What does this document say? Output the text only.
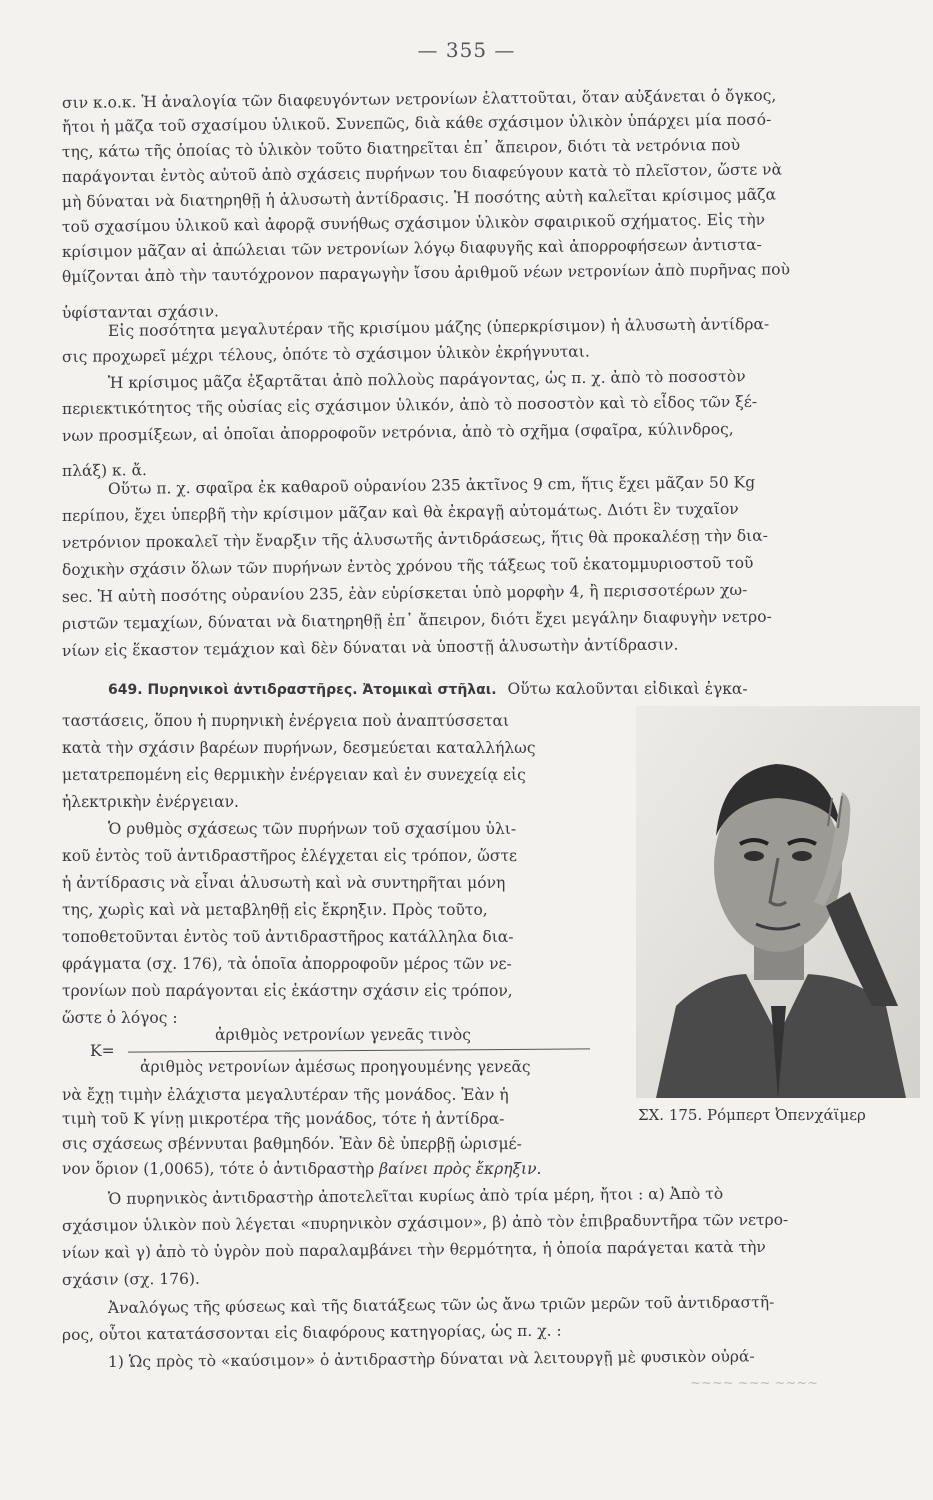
— 355 —
σιν κ.ο.κ. Ἡ ἀναλογία τῶν διαφευγόντων νετρονίων ἐλαττοῦται, ὅταν αὐξάνεται ὁ ὄγκος,
ἤτοι ἡ μᾶζα τοῦ σχασίμου ὑλικοῦ. Συνεπῶς, διὰ κάθε σχάσιμον ὑλικὸν ὑπάρχει μία ποσό-
της, κάτω τῆς ὁποίας τὸ ὑλικὸν τοῦτο διατηρεῖται ἐπ᾿ ἄπειρον, διότι τὰ νετρόνια ποὺ
παράγονται ἐντὸς αὐτοῦ ἀπὸ σχάσεις πυρήνων του διαφεύγουν κατὰ τὸ πλεῖστον, ὥστε νὰ
μὴ δύναται νὰ διατηρηθῇ ἡ ἁλυσωτὴ ἀντίδρασις. Ἡ ποσότης αὐτὴ καλεῖται κρίσιμος μᾶζα
τοῦ σχασίμου ὑλικοῦ καὶ ἀφορᾷ συνήθως σχάσιμον ὑλικὸν σφαιρικοῦ σχήματος. Εἰς τὴν
κρίσιμον μᾶζαν αἱ ἀπώλειαι τῶν νετρονίων λόγῳ διαφυγῆς καὶ ἀπορροφήσεων ἀντιστα-
θμίζονται ἀπὸ τὴν ταυτόχρονον παραγωγὴν ἴσου ἀριθμοῦ νέων νετρονίων ἀπὸ πυρῆνας ποὺ
ὑφίστανται σχάσιν.
Εἰς ποσότητα μεγαλυτέραν τῆς κρισίμου μάζης (ὑπερκρίσιμον) ἡ ἁλυσωτὴ ἀντίδρα-
σις προχωρεῖ μέχρι τέλους, ὁπότε τὸ σχάσιμον ὑλικὸν ἐκρήγνυται.
Ἡ κρίσιμος μᾶζα ἐξαρτᾶται ἀπὸ πολλοὺς παράγοντας, ὡς π. χ. ἀπὸ τὸ ποσοστὸν
περιεκτικότητος τῆς οὐσίας εἰς σχάσιμον ὑλικόν, ἀπὸ τὸ ποσοστὸν καὶ τὸ εἶδος τῶν ξέ-
νων προσμίξεων, αἱ ὁποῖαι ἀπορροφοῦν νετρόνια, ἀπὸ τὸ σχῆμα (σφαῖρα, κύλινδρος,
πλάξ) κ. ἄ.
Οὕτω π. χ. σφαῖρα ἐκ καθαροῦ οὐρανίου 235 ἀκτῖνος 9 cm, ἥτις ἔχει μᾶζαν 50 Kg
περίπου, ἔχει ὑπερβῆ τὴν κρίσιμον μᾶζαν καὶ θὰ ἐκραγῇ αὐτομάτως. Διότι ἓν τυχαῖον
νετρόνιον προκαλεῖ τὴν ἔναρξιν τῆς ἁλυσωτῆς ἀντιδράσεως, ἥτις θὰ προκαλέσῃ τὴν δια-
δοχικὴν σχάσιν ὅλων τῶν πυρήνων ἐντὸς χρόνου τῆς τάξεως τοῦ ἑκατομμυριοστοῦ τοῦ
sec. Ἡ αὐτὴ ποσότης οὐρανίου 235, ἐὰν εὑρίσκεται ὑπὸ μορφὴν 4, ἢ περισσοτέρων χω-
ριστῶν τεμαχίων, δύναται νὰ διατηρηθῇ ἐπ᾿ ἄπειρον, διότι ἔχει μεγάλην διαφυγὴν νετρο-
νίων εἰς ἕκαστον τεμάχιον καὶ δὲν δύναται νὰ ὑποστῇ ἁλυσωτὴν ἀντίδρασιν.
649. Πυρηνικοὶ ἀντιδραστῆρες. Ἀτομικαὶ στῆλαι. Οὕτω καλοῦνται εἰδικαὶ ἐγκα-
ταστάσεις, ὅπου ἡ πυρηνικὴ ἐνέργεια ποὺ ἀναπτύσσεται
κατὰ τὴν σχάσιν βαρέων πυρήνων, δεσμεύεται καταλλήλως
μετατρεπομένη εἰς θερμικὴν ἐνέργειαν καὶ ἐν συνεχείᾳ εἰς
ἠλεκτρικὴν ἐνέργειαν.
Ὁ ρυθμὸς σχάσεως τῶν πυρήνων τοῦ σχασίμου ὑλι-
κοῦ ἐντὸς τοῦ ἀντιδραστῆρος ἐλέγχεται εἰς τρόπον, ὥστε
ἡ ἀντίδρασις νὰ εἶναι ἁλυσωτὴ καὶ νὰ συντηρῆται μόνη
της, χωρὶς καὶ νὰ μεταβληθῇ εἰς ἔκρηξιν. Πρὸς τοῦτο,
τοποθετοῦνται ἐντὸς τοῦ ἀντιδραστῆρος κατάλληλα δια-
φράγματα (σχ. 176), τὰ ὁποῖα ἀπορροφοῦν μέρος τῶν νε-
τρονίων ποὺ παράγονται εἰς ἑκάστην σχάσιν εἰς τρόπον,
ὥστε ὁ λόγος :
ἀριθμὸς νετρονίων γενεᾶς τινὸς
K=
ἀριθμὸς νετρονίων ἀμέσως προηγουμένης γενεᾶς
νὰ ἔχῃ τιμὴν ἐλάχιστα μεγαλυτέραν τῆς μονάδος. Ἐὰν ἡ
τιμὴ τοῦ K γίνῃ μικροτέρα τῆς μονάδος, τότε ἡ ἀντίδρα-
σις σχάσεως σβέννυται βαθμηδόν. Ἐὰν δὲ ὑπερβῇ ὡρισμέ-
νον ὅριον (1,0065), τότε ὁ ἀντιδραστὴρ βαίνει πρὸς ἔκρηξιν.
ΣΧ. 175. Ρόμπερτ Ὀπενχάϊμερ
Ὁ πυρηνικὸς ἀντιδραστὴρ ἀποτελεῖται κυρίως ἀπὸ τρία μέρη, ἤτοι : α) Ἀπὸ τὸ
σχάσιμον ὑλικὸν ποὺ λέγεται «πυρηνικὸν σχάσιμον», β) ἀπὸ τὸν ἐπιβραδυντῆρα τῶν νετρο-
νίων καὶ γ) ἀπὸ τὸ ὑγρὸν ποὺ παραλαμβάνει τὴν θερμότητα, ἡ ὁποία παράγεται κατὰ τὴν
σχάσιν (σχ. 176).
Ἀναλόγως τῆς φύσεως καὶ τῆς διατάξεως τῶν ὡς ἄνω τριῶν μερῶν τοῦ ἀντιδραστῆ-
ρος, οὗτοι κατατάσσονται εἰς διαφόρους κατηγορίας, ὡς π. χ. :
1) Ὡς πρὸς τὸ «καύσιμον» ὁ ἀντιδραστὴρ δύναται νὰ λειτουργῇ μὲ φυσικὸν οὐρά-
~~~~ ~~~ ~~~~
